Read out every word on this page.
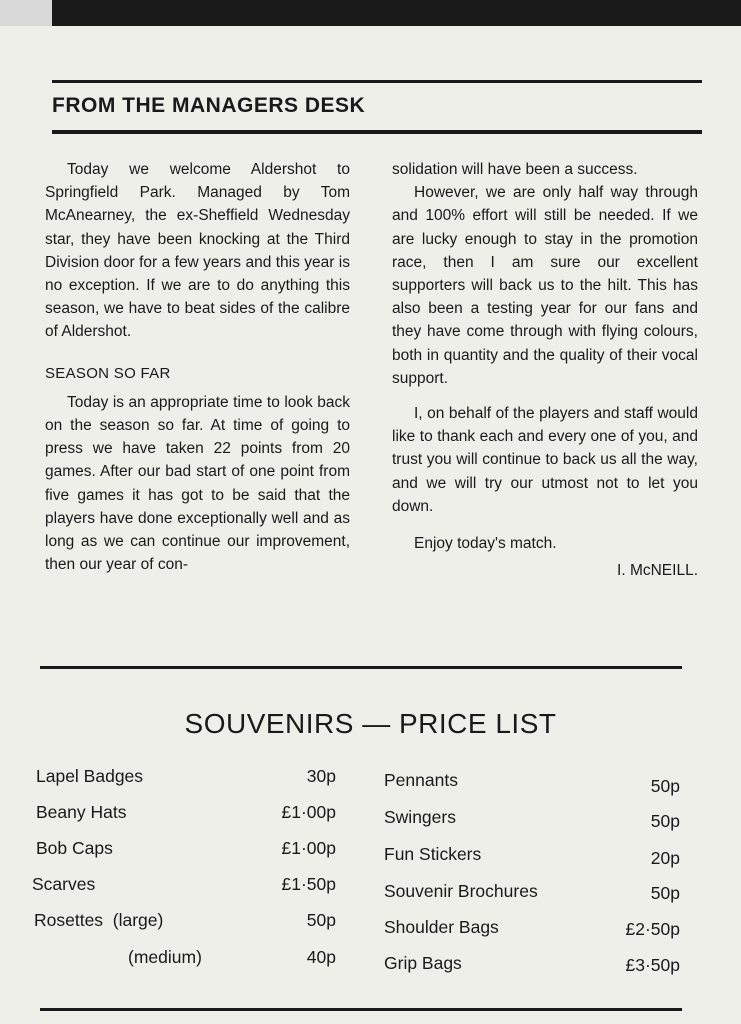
FROM THE MANAGERS DESK

Today we welcome Aldershot to Springfield Park. Managed by Tom McAnearney, the ex-Sheffield Wednesday star, they have been knocking at the Third Division door for a few years and this year is no exception. If we are to do anything this season, we have to beat sides of the calibre of Aldershot.

SEASON SO FAR

Today is an appropriate time to look back on the season so far. At time of going to press we have taken 22 points from 20 games. After our bad start of one point from five games it has got to be said that the players have done exceptionally well and as long as we can continue our improvement, then our year of con-

solidation will have been a success.

However, we are only half way through and 100% effort will still be needed. If we are lucky enough to stay in the promotion race, then I am sure our excellent supporters will back us to the hilt. This has also been a testing year for our fans and they have come through with flying colours, both in quantity and the quality of their vocal support.

I, on behalf of the players and staff would like to thank each and every one of you, and trust you will continue to back us all the way, and we will try our utmost not to let you down.

Enjoy today's match.

I. McNEILL.

SOUVENIRS — PRICE LIST
Lapel Badges	30p
Beany Hats	£1·00p
Bob Caps	£1·00p
Scarves	£1·50p
Rosettes  (large)	50p
(medium)	40p
Pennants	50p
Swingers	50p
Fun Stickers	20p
Souvenir Brochures	50p
Shoulder Bags	£2·50p
Grip Bags	£3·50p
